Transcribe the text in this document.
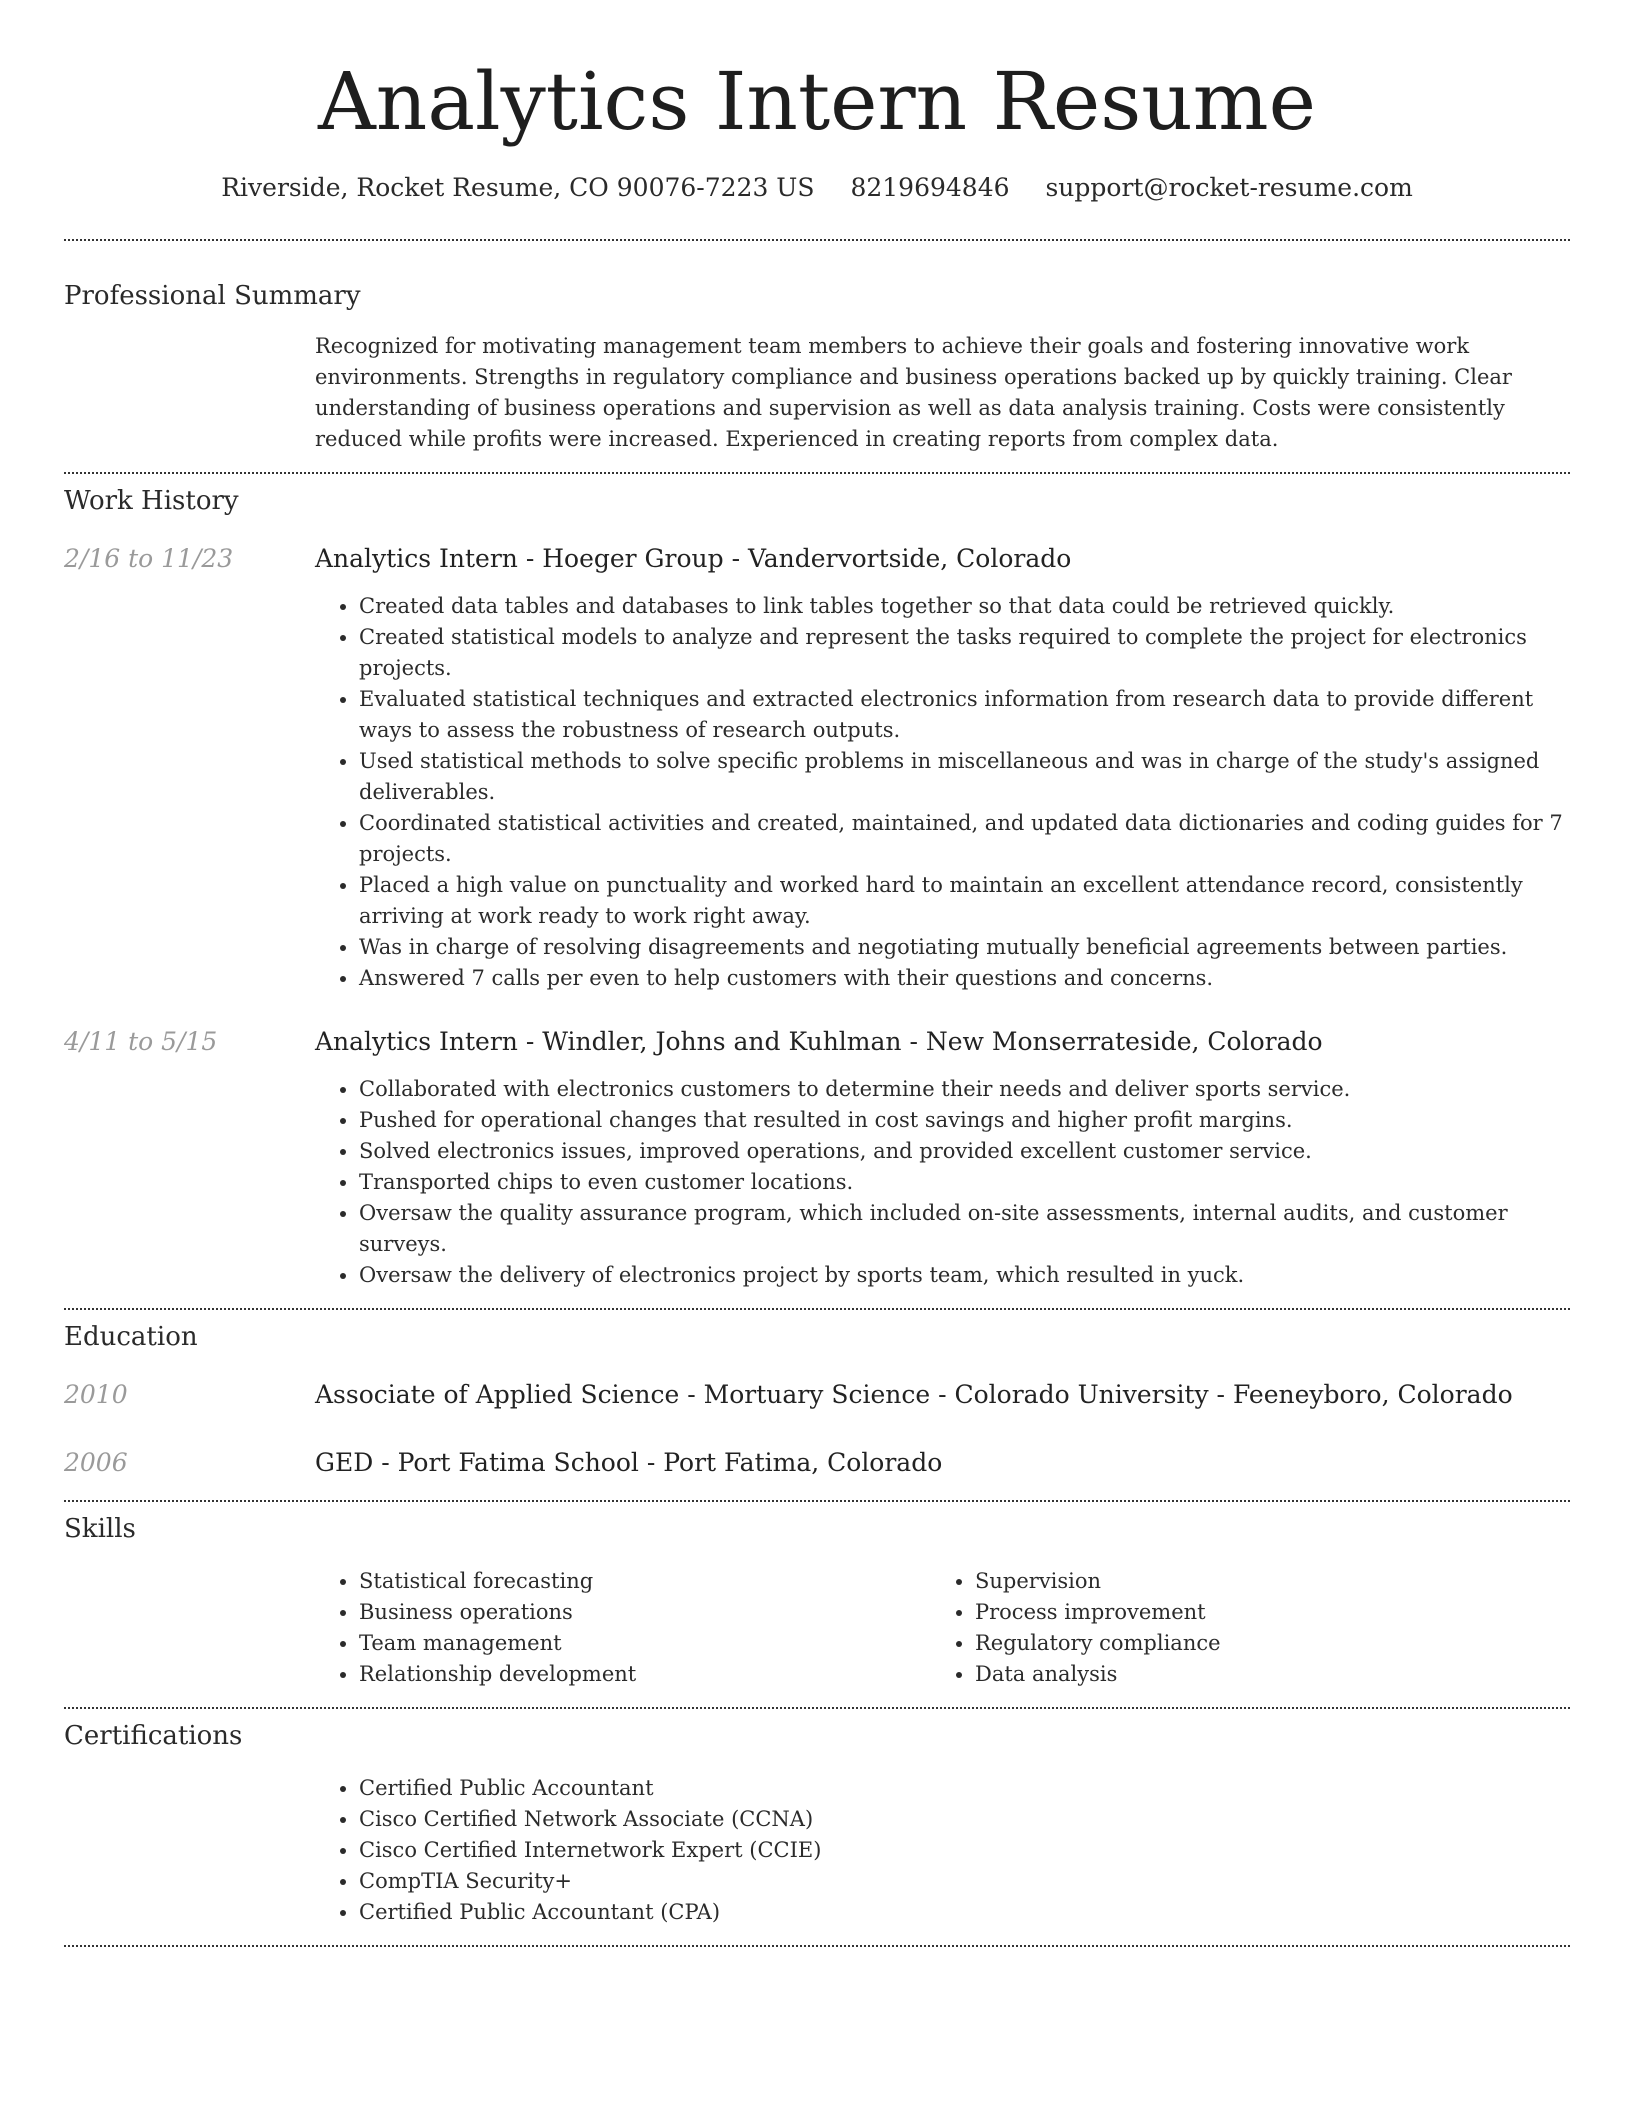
Analytics Intern Resume
Riverside, Rocket Resume, CO 90076-7223 US 8219694846 support@rocket-resume.com
Professional Summary
Recognized for motivating management team members to achieve their goals and fostering innovative work environments. Strengths in regulatory compliance and business operations backed up by quickly training. Clear understanding of business operations and supervision as well as data analysis training. Costs were consistently reduced while profits were increased. Experienced in creating reports from complex data.
Work History
2/16 to 11/23	Analytics Intern - Hoeger Group - Vandervortside, Colorado
• Created data tables and databases to link tables together so that data could be retrieved quickly.
• Created statistical models to analyze and represent the tasks required to complete the project for electronics projects.
• Evaluated statistical techniques and extracted electronics information from research data to provide different ways to assess the robustness of research outputs.
• Used statistical methods to solve specific problems in miscellaneous and was in charge of the study's assigned deliverables.
• Coordinated statistical activities and created, maintained, and updated data dictionaries and coding guides for 7 projects.
• Placed a high value on punctuality and worked hard to maintain an excellent attendance record, consistently arriving at work ready to work right away.
• Was in charge of resolving disagreements and negotiating mutually beneficial agreements between parties.
• Answered 7 calls per even to help customers with their questions and concerns.
4/11 to 5/15	Analytics Intern - Windler, Johns and Kuhlman - New Monserrateside, Colorado
• Collaborated with electronics customers to determine their needs and deliver sports service.
• Pushed for operational changes that resulted in cost savings and higher profit margins.
• Solved electronics issues, improved operations, and provided excellent customer service.
• Transported chips to even customer locations.
• Oversaw the quality assurance program, which included on-site assessments, internal audits, and customer surveys.
• Oversaw the delivery of electronics project by sports team, which resulted in yuck.
Education
2010	Associate of Applied Science - Mortuary Science - Colorado University - Feeneyboro, Colorado
2006	GED - Port Fatima School - Port Fatima, Colorado
Skills
• Statistical forecasting
• Business operations
• Team management
• Relationship development
• Supervision
• Process improvement
• Regulatory compliance
• Data analysis
Certifications
• Certified Public Accountant
• Cisco Certified Network Associate (CCNA)
• Cisco Certified Internetwork Expert (CCIE)
• CompTIA Security+
• Certified Public Accountant (CPA)
